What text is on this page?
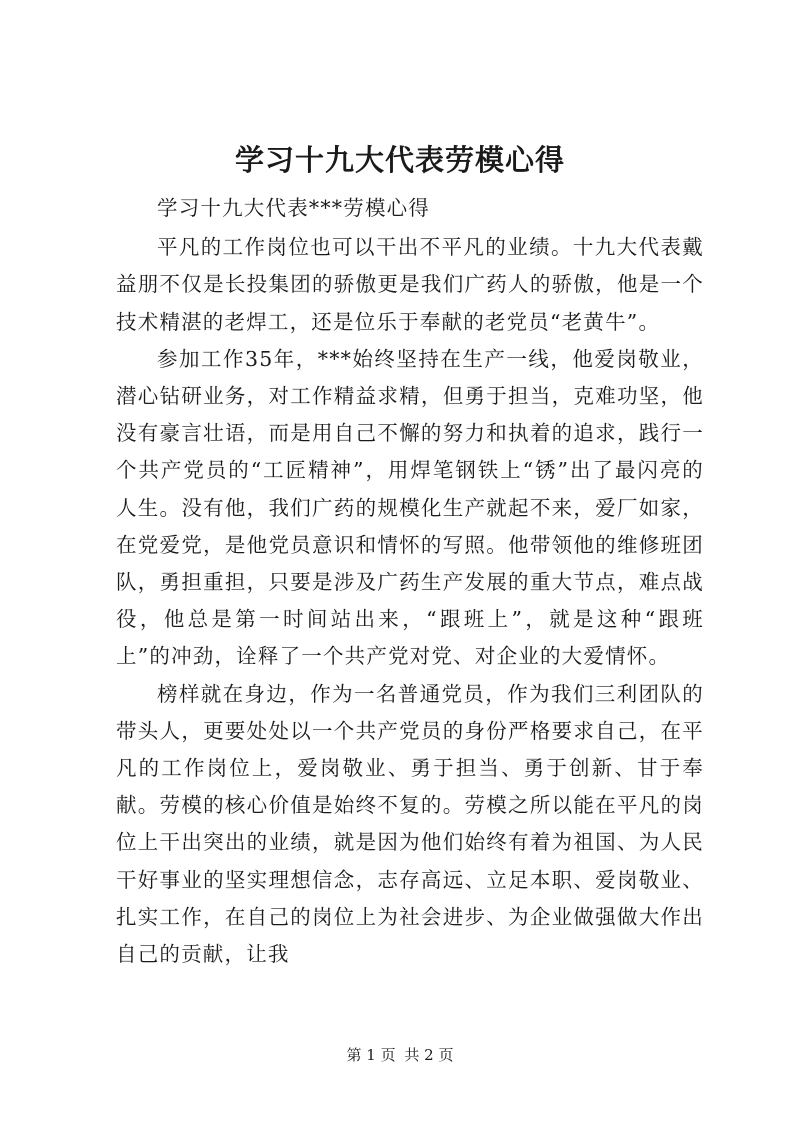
学习十九大代表劳模心得

学习十九大代表***劳模心得

平凡的工作岗位也可以干出不平凡的业绩。十九大代表戴益朋不仅是长投集团的骄傲更是我们广药人的骄傲，他是一个技术精湛的老焊工，还是位乐于奉献的老党员“老黄牛”。

参加工作35年，***始终坚持在生产一线，他爱岗敬业，潜心钻研业务，对工作精益求精，但勇于担当，克难功坚，他没有豪言壮语，而是用自己不懈的努力和执着的追求，践行一个共产党员的“工匠精神”，用焊笔钢铁上“锈”出了最闪亮的人生。没有他，我们广药的规模化生产就起不来，爱厂如家，在党爱党，是他党员意识和情怀的写照。他带领他的维修班团队，勇担重担，只要是涉及广药生产发展的重大节点，难点战役，他总是第一时间站出来，“跟班上”，就是这种“跟班上”的冲劲，诠释了一个共产党对党、对企业的大爱情怀。

榜样就在身边，作为一名普通党员，作为我们三利团队的带头人，更要处处以一个共产党员的身份严格要求自己，在平凡的工作岗位上，爱岗敬业、勇于担当、勇于创新、甘于奉献。劳模的核心价值是始终不复的。劳模之所以能在平凡的岗位上干出突出的业绩，就是因为他们始终有着为祖国、为人民干好事业的坚实理想信念，志存高远、立足本职、爱岗敬业、扎实工作，在自己的岗位上为社会进步、为企业做强做大作出自己的贡献，让我

第 1 页 共 2 页
